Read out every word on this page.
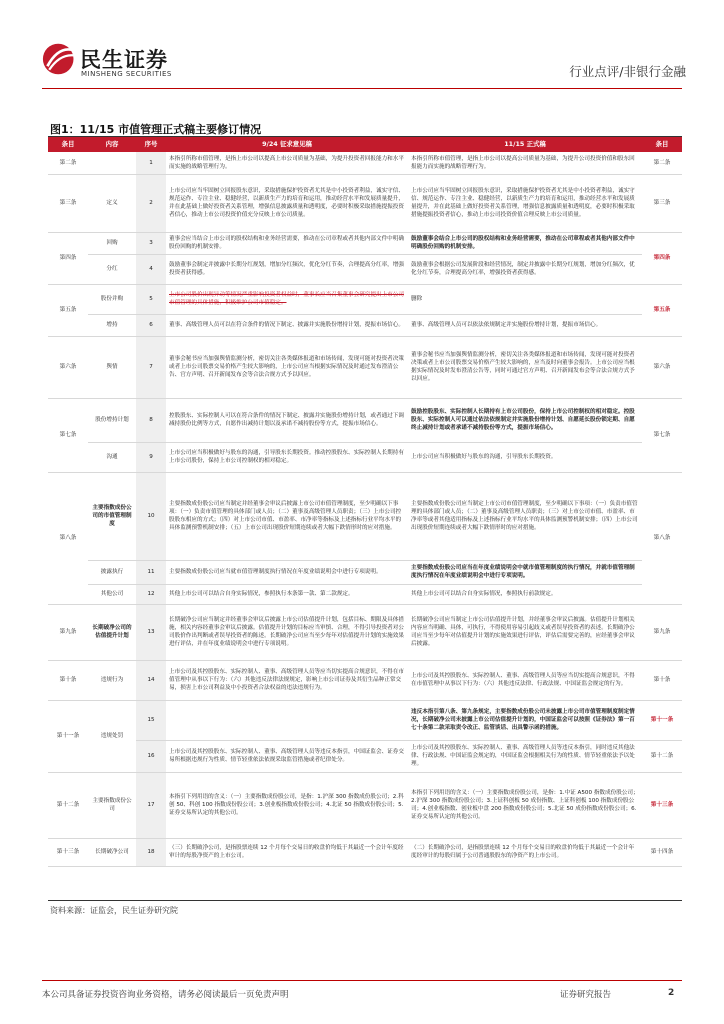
民生证券
MINSHENG SECURITIES	行业点评/非银行金融
图1：11/15 市值管理正式稿主要修订情况
条目	内容	序号	9/24 征求意见稿	11/15 正式稿	条目
第二条		1	本指引所称市值管理，是指上市公司以提高上市公司质量为基础，为提升投资者回报能力和水平而实施的战略管理行为。	本指引所称市值管理，是指上市公司以提高公司质量为基础，为提升公司投资价值和股东回报能力而实施的战略管理行为。	第二条
第三条	定义	2	上市公司应当牢固树立回报股东意识，采取措施保护投资者尤其是中小投资者利益，诚实守信、规范运作、专注主业、稳健经营，以新质生产力的培育和运用，推动经营水平和发展质量提升，并在此基础上做好投资者关系管理，增强信息披露质量和透明度，必要时积极采取措施提振投资者信心，推动上市公司投资价值充分反映上市公司质量。	上市公司应当牢固树立回报股东意识，采取措施保护投资者尤其是中小投资者利益，诚实守信、规范运作、专注主业、稳健经营，以新质生产力的培育和运用，推动经营水平和发展质量提升，并在此基础上做好投资者关系管理，增强信息披露质量和透明度，必要时积极采取措施提振投资者信心，推动上市公司投资价值合理反映上市公司质量。	第三条
第四条	回购	3	董事会应当结合上市公司的股权结构和业务经营需要，推动在公司章程或者其他内部文件中明确股份回购的机制安排。	鼓励董事会结合上市公司的股权结构和业务经营需要，推动在公司章程或者其他内部文件中明确股份回购的机制安排。	第四条
	分红	4	鼓励董事会制定并披露中长期分红规划，增加分红频次，优化分红节奏，合理提高分红率，增强投资者获得感。	鼓励董事会根据公司发展阶段和经营情况，制定并披露中长期分红规划，增加分红频次，优化分红节奏，合理提高分红率，增强投资者获得感。	
第五条	股份并购	5	上市公司股价出现异动等情况严重影响投资者权益时，董事长应当召集董事会研究提出上市公司市值管理的具体措施，积极维护公司市值稳定。	删除	第五条
	增持	6	董事、高级管理人员可以在符合条件的情况下制定、披露并实施股份增持计划，提振市场信心。	董事、高级管理人员可以依法依规制定并实施股份增持计划，提振市场信心。	
第六条	舆情	7	董事会秘书应当加强舆情监测分析，密切关注各类媒体报道和市场传闻，发现可能对投资者决策或者上市公司股票交易价格产生较大影响的，上市公司应当根据实际情况及时通过发布澄清公告、官方声明、召开新闻发布会等合法合规方式予以回应。	董事会秘书应当加强舆情监测分析，密切关注各类媒体报道和市场传闻，发现可能对投资者决策或者上市公司股票交易价格产生较大影响的，应当及时向董事会报告。上市公司应当根据实际情况及时发布澄清公告等，同时可通过官方声明、召开新闻发布会等合法合规方式予以回应。	第六条
第七条	股份增持计划	8	控股股东、实际控制人可以在符合条件的情况下制定、披露并实施股份增持计划，或者通过下调减持股份比例等方式，自愿作出减持计划以及承诺不减持股份等方式，提振市场信心。	鼓励控股股东、实际控制人长期持有上市公司股份，保持上市公司控制权的相对稳定。控股股东、实际控制人可以通过依法依规制定并实施股份增持计划、自愿延长股份锁定期、自愿终止减持计划或者承诺不减持股份等方式，提振市场信心。	第七条
	沟通	9	上市公司应当积极做好与股东的沟通，引导股东长期投资。推动控股股东、实际控制人长期持有上市公司股份，保持上市公司控制权的相对稳定。	上市公司应当积极做好与股东的沟通，引导股东长期投资。	
第八条	主要指数成份公司的市值管理制度	10	主要指数成份股公司应当制定并经董事会审议后披露上市公司市值管理制度，至少明确以下事项：（一）负责市值管理的具体部门或人员；（二）董事及高级管理人员职责；（三）上市公司控股股东相应的方式；（四）对上市公司市值、市盈率、市净率等指标及上述指标行业平均水平的具体监测预警机制安排；（五）上市公司出现股价短期连续或者大幅下跌情形时的应对措施。	主要指数成份股公司应当制定上市公司市值管理制度，至少明确以下事项：（一）负责市值管理的具体部门或人员；（二）董事及高级管理人员职责；（三）对上市公司市值、市盈率、市净率等或者其他适用指标及上述指标行业平均水平的具体监测预警机制安排；（四）上市公司出现股价短期连续或者大幅下跌情形时的应对措施。	第八条
	披露执行	11	主要指数成份股公司应当就市值管理制度执行情况在年度业绩说明会中进行专项说明。	主要指数成份股公司应当在年度业绩说明会中就市值管理制度的执行情况，并就市值管理制度执行情况在年度业绩说明会中进行专项说明。	
	其他公司	12	其他上市公司可以结合自身实际情况，参照执行本条第一款、第二款规定。	其他上市公司可以结合自身实际情况，参照执行前款规定。	
第九条	长期破净公司的估值提升计划	13	长期破净公司应当制定并经董事会审议后披露上市公司估值提升计划，包括目标、期限及具体措施，相关内容经董事会审议后披露。估值提升计划的目标应当审慎、合理，不得引导投资者对公司股价作出判断或者误导投资者的陈述。长期破净公司应当至少每年对估值提升计划的实施效果进行评估，并在年度业绩说明会中进行专项说明。	长期破净公司应当制定上市公司估值提升计划，并经董事会审议后披露。估值提升计划相关内容应当明确、具体，可执行，不得使用容易引起歧义或者误导投资者的表述。长期破净公司应当至少每年对估值提升计划的实施效果进行评估，评估后需要完善的，应经董事会审议后披露。	第九条
第十条	违规行为	14	上市公司及其控股股东、实际控制人、董事、高级管理人员等应当切实提高合规意识，不得在市值管理中从事以下行为：（六）其他违反法律法规规定，影响上市公司证券及其衍生品种正常交易，损害上市公司利益及中小投资者合法权益的违法违规行为。	上市公司及其控股股东、实际控制人、董事、高级管理人员等应当切实提高合规意识，不得在市值管理中从事以下行为：（六）其他违反法律、行政法规、中国证监会规定的行为。	第十条
第十一条	违规处罚	15		违反本指引第八条、第九条规定，主要指数成份股公司未披露上市公司市值管理制度制定情况，长期破净公司未披露上市公司估值提升计划的，中国证监会可以按照《证券法》第一百七十条第二款采取责令改正、监管谈话、出具警示函的措施。	第十一条
		16	上市公司及其控股股东、实际控制人、董事、高级管理人员等违反本指引，中国证监会、证券交易所根据违规行为性质、情节轻重依法依规采取监管措施或者纪律处分。	上市公司及其控股股东、实际控制人、董事、高级管理人员等违反本指引，同时违反其他法律、行政法规、中国证监会规定的，中国证监会根据相关行为的性质、情节轻重依法予以处理。	第十二条
第十二条	主要指数成份公司	17	本指引下列用语的含义：（一）主要指数成份股公司，是指：1.沪深 300 指数成份股公司；2.科创 50、科创 100 指数成份股公司；3.创业板指数成份股公司；4.北证 50 指数成份股公司；5.证券交易所认定的其他公司。	本指引下列用语的含义：（一）主要指数成份股公司，是指：1.中证 A500 指数成份股公司；2.沪深 300 指数成份股公司；3.上证科创板 50 成份指数、上证科创板 100 指数成份股公司；4.创业板指数、创业板中盘 200 指数成份股公司；5.北证 50 成份指数成份股公司；6.证券交易所认定的其他公司。	第十三条
第十三条	长期破净公司	18	（三）长期破净公司，是指股票连续 12 个月每个交易日的收盘价均低于其最近一个会计年度经审计的每股净资产的上市公司。	（二）长期破净公司，是指股票连续 12 个月每个交易日的收盘价均低于其最近一个会计年度经审计的每股归属于公司普通股股东的净资产的上市公司。	第十四条
资料来源：证监会，民生证券研究院
本公司具备证券投资咨询业务资格，请务必阅读最后一页免责声明	证券研究报告	2
